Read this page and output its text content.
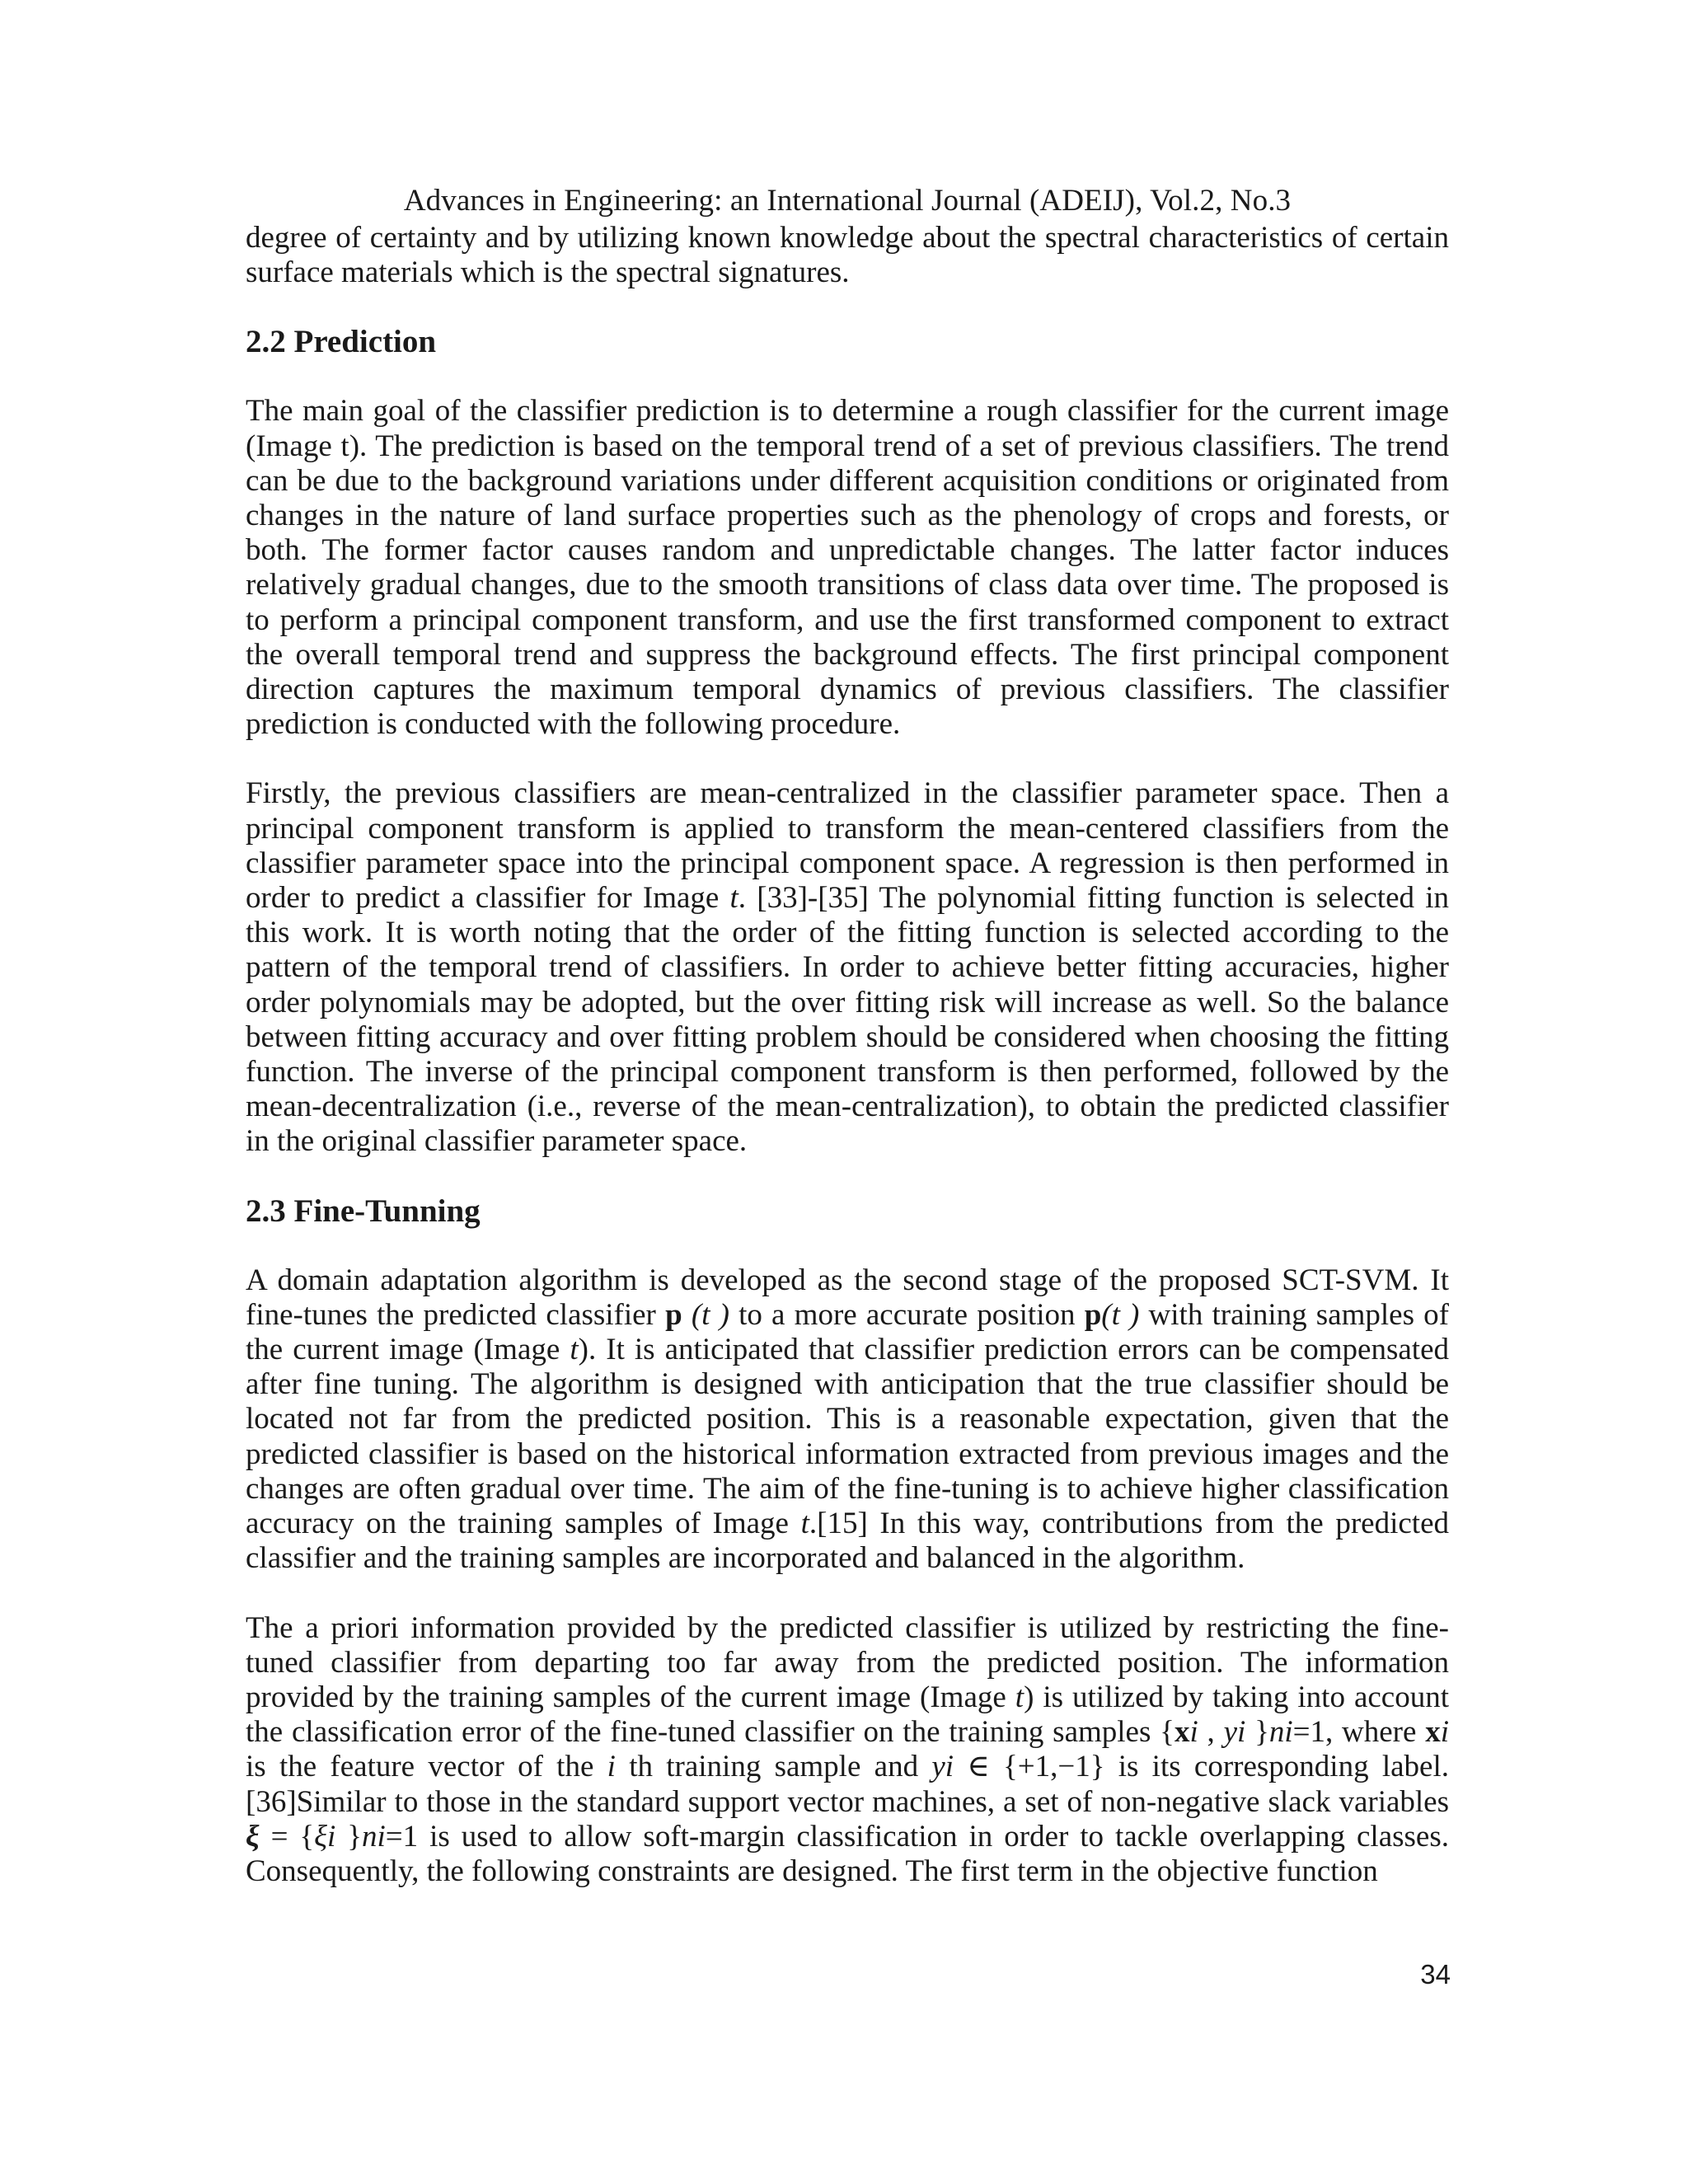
Advances in Engineering: an International Journal (ADEIJ), Vol.2, No.3

degree of certainty and by utilizing known knowledge about the spectral characteristics of certain surface materials which is the spectral signatures.

2.2 Prediction

The main goal of the classifier prediction is to determine a rough classifier for the current image (Image t). The prediction is based on the temporal trend of a set of previous classifiers. The trend can be due to the background variations under different acquisition conditions or originated from changes in the nature of land surface properties such as the phenology of crops and forests, or both. The former factor causes random and unpredictable changes. The latter factor induces relatively gradual changes, due to the smooth transitions of class data over time. The proposed is to perform a principal component transform, and use the first transformed component to extract the overall temporal trend and suppress the background effects. The first principal component direction captures the maximum temporal dynamics of previous classifiers. The classifier prediction is conducted with the following procedure.

Firstly, the previous classifiers are mean-centralized in the classifier parameter space. Then a principal component transform is applied to transform the mean-centered classifiers from the classifier parameter space into the principal component space. A regression is then performed in order to predict a classifier for Image t. [33]-[35] The polynomial fitting function is selected in this work. It is worth noting that the order of the fitting function is selected according to the pattern of the temporal trend of classifiers. In order to achieve better fitting accuracies, higher order polynomials may be adopted, but the over fitting risk will increase as well. So the balance between fitting accuracy and over fitting problem should be considered when choosing the fitting function. The inverse of the principal component transform is then performed, followed by the mean-decentralization (i.e., reverse of the mean-centralization), to obtain the predicted classifier in the original classifier parameter space.

2.3 Fine-Tunning

A domain adaptation algorithm is developed as the second stage of the proposed SCT-SVM. It fine-tunes the predicted classifier p (t ) to a more accurate position p(t ) with training samples of the current image (Image t). It is anticipated that classifier prediction errors can be compensated after fine tuning. The algorithm is designed with anticipation that the true classifier should be located not far from the predicted position. This is a reasonable expectation, given that the predicted classifier is based on the historical information extracted from previous images and the changes are often gradual over time. The aim of the fine-tuning is to achieve higher classification accuracy on the training samples of Image t.[15] In this way, contributions from the predicted classifier and the training samples are incorporated and balanced in the algorithm.

The a priori information provided by the predicted classifier is utilized by restricting the fine-tuned classifier from departing too far away from the predicted position. The information provided by the training samples of the current image (Image t) is utilized by taking into account the classification error of the fine-tuned classifier on the training samples {xi , yi }ni=1, where xi is the feature vector of the i th training sample and yi ∈ {+1,−1} is its corresponding label. [36]Similar to those in the standard support vector machines, a set of non-negative slack variables ξ = {ξi }ni=1 is used to allow soft-margin classification in order to tackle overlapping classes. Consequently, the following constraints are designed. The first term in the objective function

34
